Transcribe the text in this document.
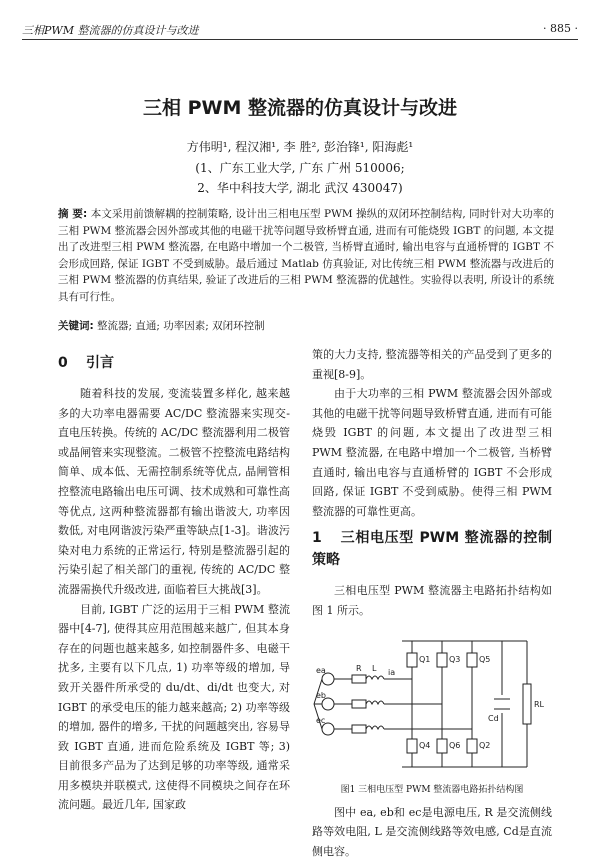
三相PWM 整流器的仿真设计与改进	· 885 ·
三相 PWM 整流器的仿真设计与改进
方伟明¹, 程汉湘¹, 李 胜², 彭治锋¹, 阳海彪¹
(1、广东工业大学, 广东 广州 510006;
2、华中科技大学, 湖北 武汉 430047)
摘 要: 本文采用前馈解耦的控制策略, 设计出三相电压型 PWM 操纵的双闭环控制结构, 同时针对大功率的三相 PWM 整流器会因外部或其他的电磁干扰等问题导致桥臂直通, 进而有可能烧毁 IGBT 的问题, 本文提出了改进型三相 PWM 整流器, 在电路中增加一个二极管, 当桥臂直通时, 输出电容与直通桥臂的 IGBT 不会形成回路, 保证 IGBT 不受到威胁。最后通过 Matlab 仿真验证, 对比传统三相 PWM 整流器与改进后的三相 PWM 整流器的仿真结果, 验证了改进后的三相 PWM 整流器的优越性。实验得以表明, 所设计的系统具有可行性。
关键词: 整流器; 直通; 功率因素; 双闭环控制
0 引言

随着科技的发展, 变流装置多样化, 越来越多的大功率电器需要 AC/DC 整流器来实现交-直电压转换。传统的 AC/DC 整流器利用二极管或晶闸管来实现整流。二极管不控整流电路结构简单、成本低、无需控制系统等优点, 晶闸管相控整流电路输出电压可调、技术成熟和可靠性高等优点, 这两种整流器都有输出谐波大, 功率因数低, 对电网谐波污染严重等缺点[1-3]。谐波污染对电力系统的正常运行, 特别是整流器引起的污染引起了相关部门的重视, 传统的 AC/DC 整流器需换代升级改进, 面临着巨大挑战[3]。

目前, IGBT 广泛的运用于三相 PWM 整流器中[4-7], 使得其应用范围越来越广, 但其本身存在的问题也越来越多, 如控制器件多、电磁干扰多, 主要有以下几点, 1) 功率等级的增加, 导致开关器件所承受的 du/dt、di/dt 也变大, 对 IGBT 的承受电压的能力越来越高; 2) 功率等级的增加, 器件的增多, 干扰的问题越突出, 容易导致 IGBT 直通, 进而危险系统及 IGBT 等; 3) 目前很多产品为了达到足够的功率等级, 通常采用多模块并联模式, 这使得不同模块之间存在环流问题。最近几年, 国家政

策的大力支持, 整流器等相关的产品受到了更多的重视[8-9]。

由于大功率的三相 PWM 整流器会因外部或其他的电磁干扰等问题导致桥臂直通, 进而有可能烧毁 IGBT 的问题, 本文提出了改进型三相 PWM 整流器, 在电路中增加一个二极管, 当桥臂直通时, 输出电容与直通桥臂的 IGBT 不会形成回路, 保证 IGBT 不受到威胁。使得三相 PWM 整流器的可靠性更高。

1 三相电压型 PWM 整流器的控制策略

三相电压型 PWM 整流器主电路拓扑结构如图 1 所示。

ea
eb
ec
R L ia
Q1 Q3 Q5
Q4 Q6 Q2
Cd
RL
图1 三相电压型 PWM 整流器电路拓扑结构图

图中 ea, eb和 ec是电源电压, R 是交流侧线路等效电阻, L 是交流侧线路等效电感, Cd是直流侧电容。
